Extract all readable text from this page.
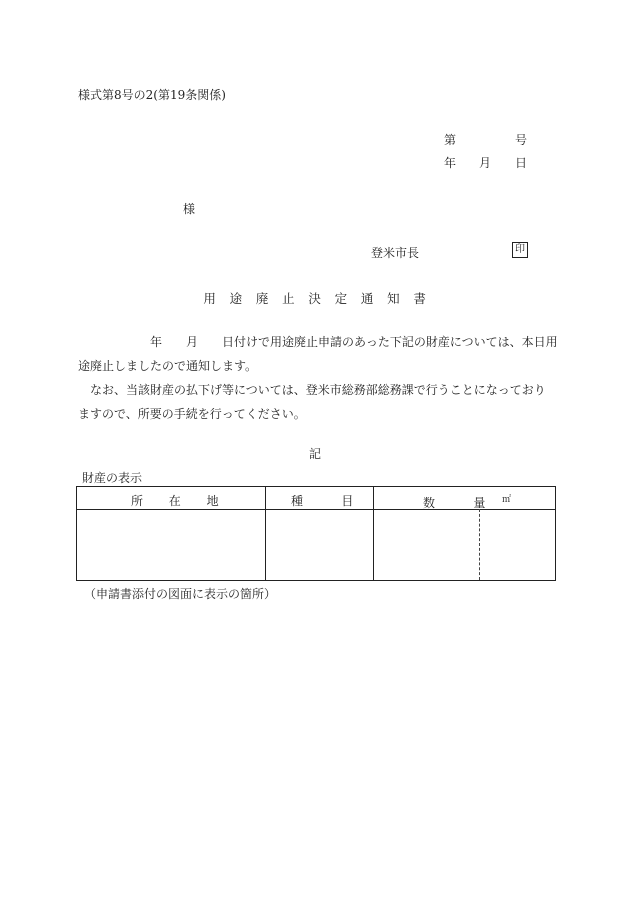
様式第8号の2(第19条関係)
第	号
年 月 日
様
登米市長	印
用　途　廃　止　決　定　通　知　書

年　　月　　日付けで用途廃止申請のあった下記の財産については、本日用

途廃止しましたので通知します。

なお、当該財産の払下げ等については、登米市総務部総務課で行うことになっており

ますので、所要の手続を行ってください。

記
財産の表示
所　　在　　地	種　　　目	数　　　量 ㎡
（申請書添付の図面に表示の箇所）
